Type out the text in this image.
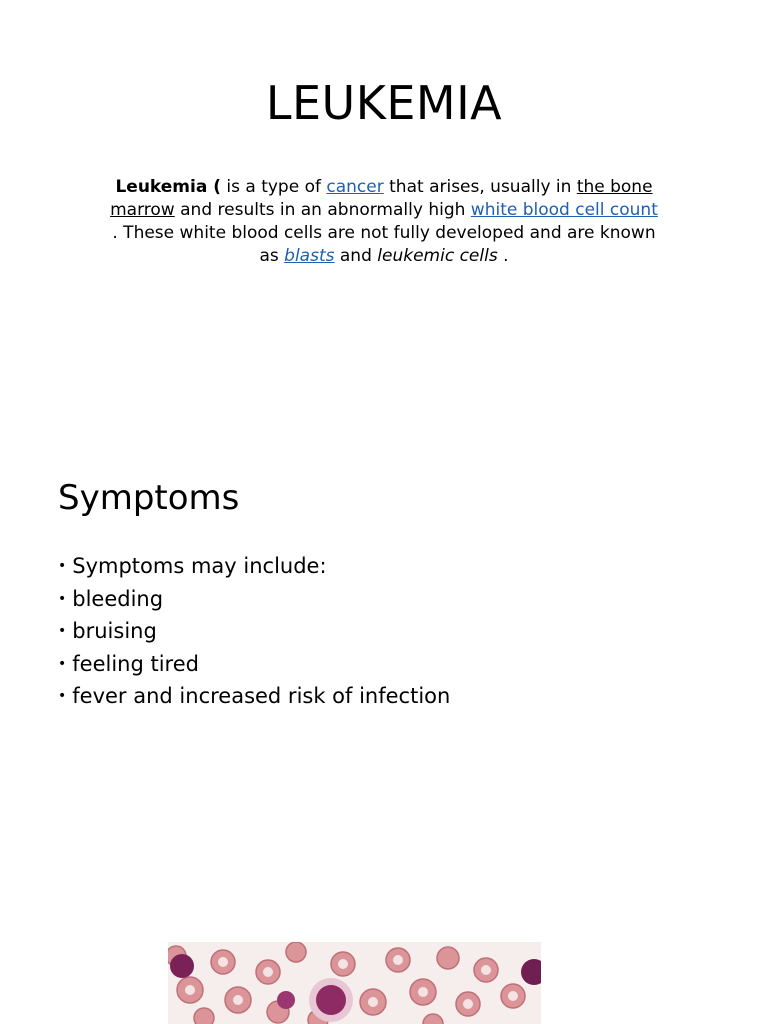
LEUKEMIA

Leukemia ( is a type of cancer that arises, usually in the bone marrow and results in an abnormally high white blood cell count . These white blood cells are not fully developed and are known as blasts and leukemic cells .

Symptoms
• Symptoms may include:
• bleeding
• bruising
• feeling tired
• fever and increased risk of infection
